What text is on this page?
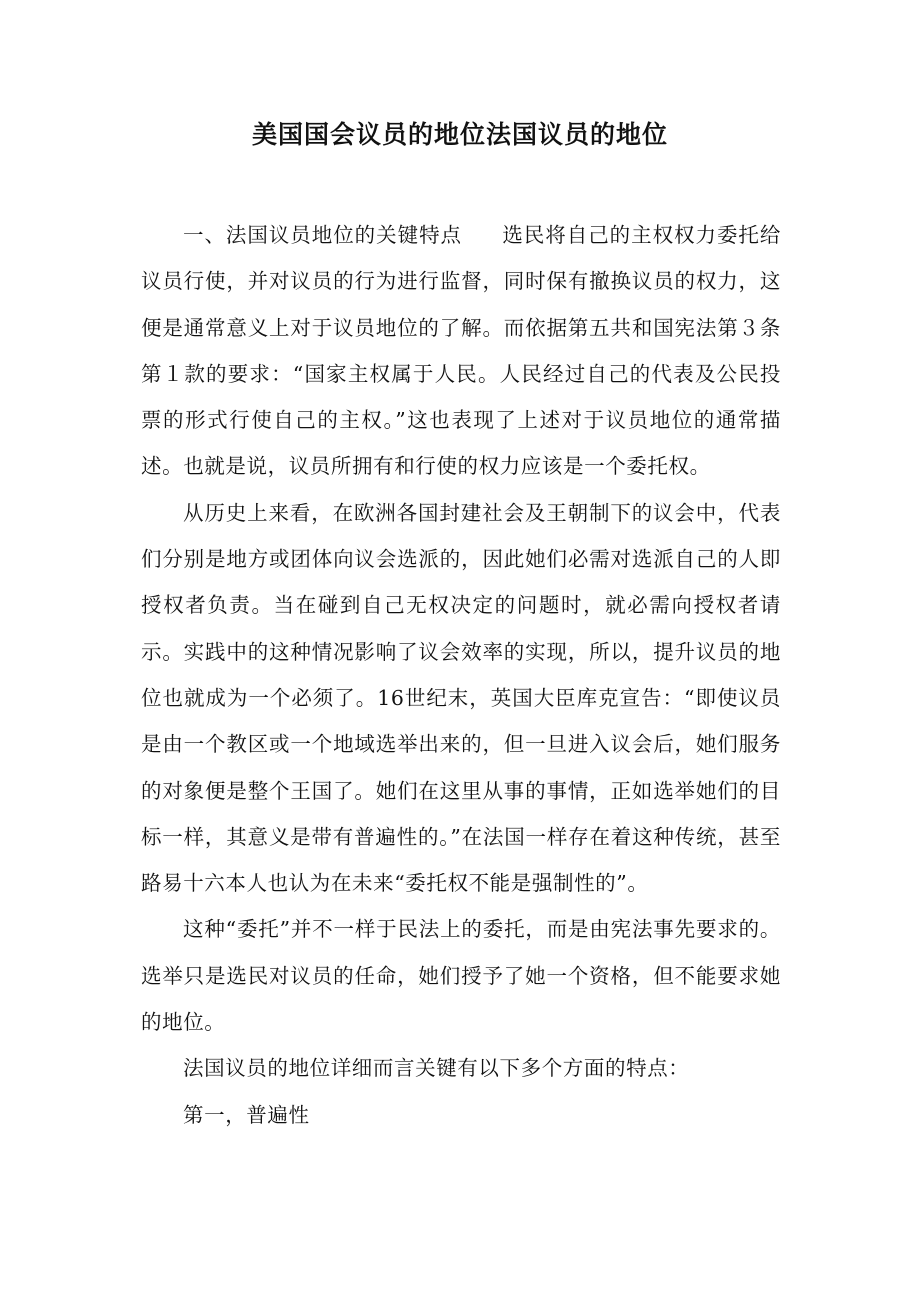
美国国会议员的地位法国议员的地位

一、法国议员地位的关键特点 选民将自己的主权权力委托给议员行使，并对议员的行为进行监督，同时保有撤换议员的权力，这便是通常意义上对于议员地位的了解。而依据第五共和国宪法第３条第１款的要求：“国家主权属于人民。人民经过自己的代表及公民投票的形式行使自己的主权。”这也表现了上述对于议员地位的通常描述。也就是说，议员所拥有和行使的权力应该是一个委托权。

从历史上来看，在欧洲各国封建社会及王朝制下的议会中，代表们分别是地方或团体向议会选派的，因此她们必需对选派自己的人即授权者负责。当在碰到自己无权决定的问题时，就必需向授权者请示。实践中的这种情况影响了议会效率的实现，所以，提升议员的地位也就成为一个必须了。16世纪末，英国大臣库克宣告：“即使议员是由一个教区或一个地域选举出来的，但一旦进入议会后，她们服务的对象便是整个王国了。她们在这里从事的事情，正如选举她们的目标一样，其意义是带有普遍性的。”在法国一样存在着这种传统，甚至路易十六本人也认为在未来“委托权不能是强制性的”。

这种“委托”并不一样于民法上的委托，而是由宪法事先要求的。选举只是选民对议员的任命，她们授予了她一个资格，但不能要求她的地位。

法国议员的地位详细而言关键有以下多个方面的特点：

第一，普遍性
